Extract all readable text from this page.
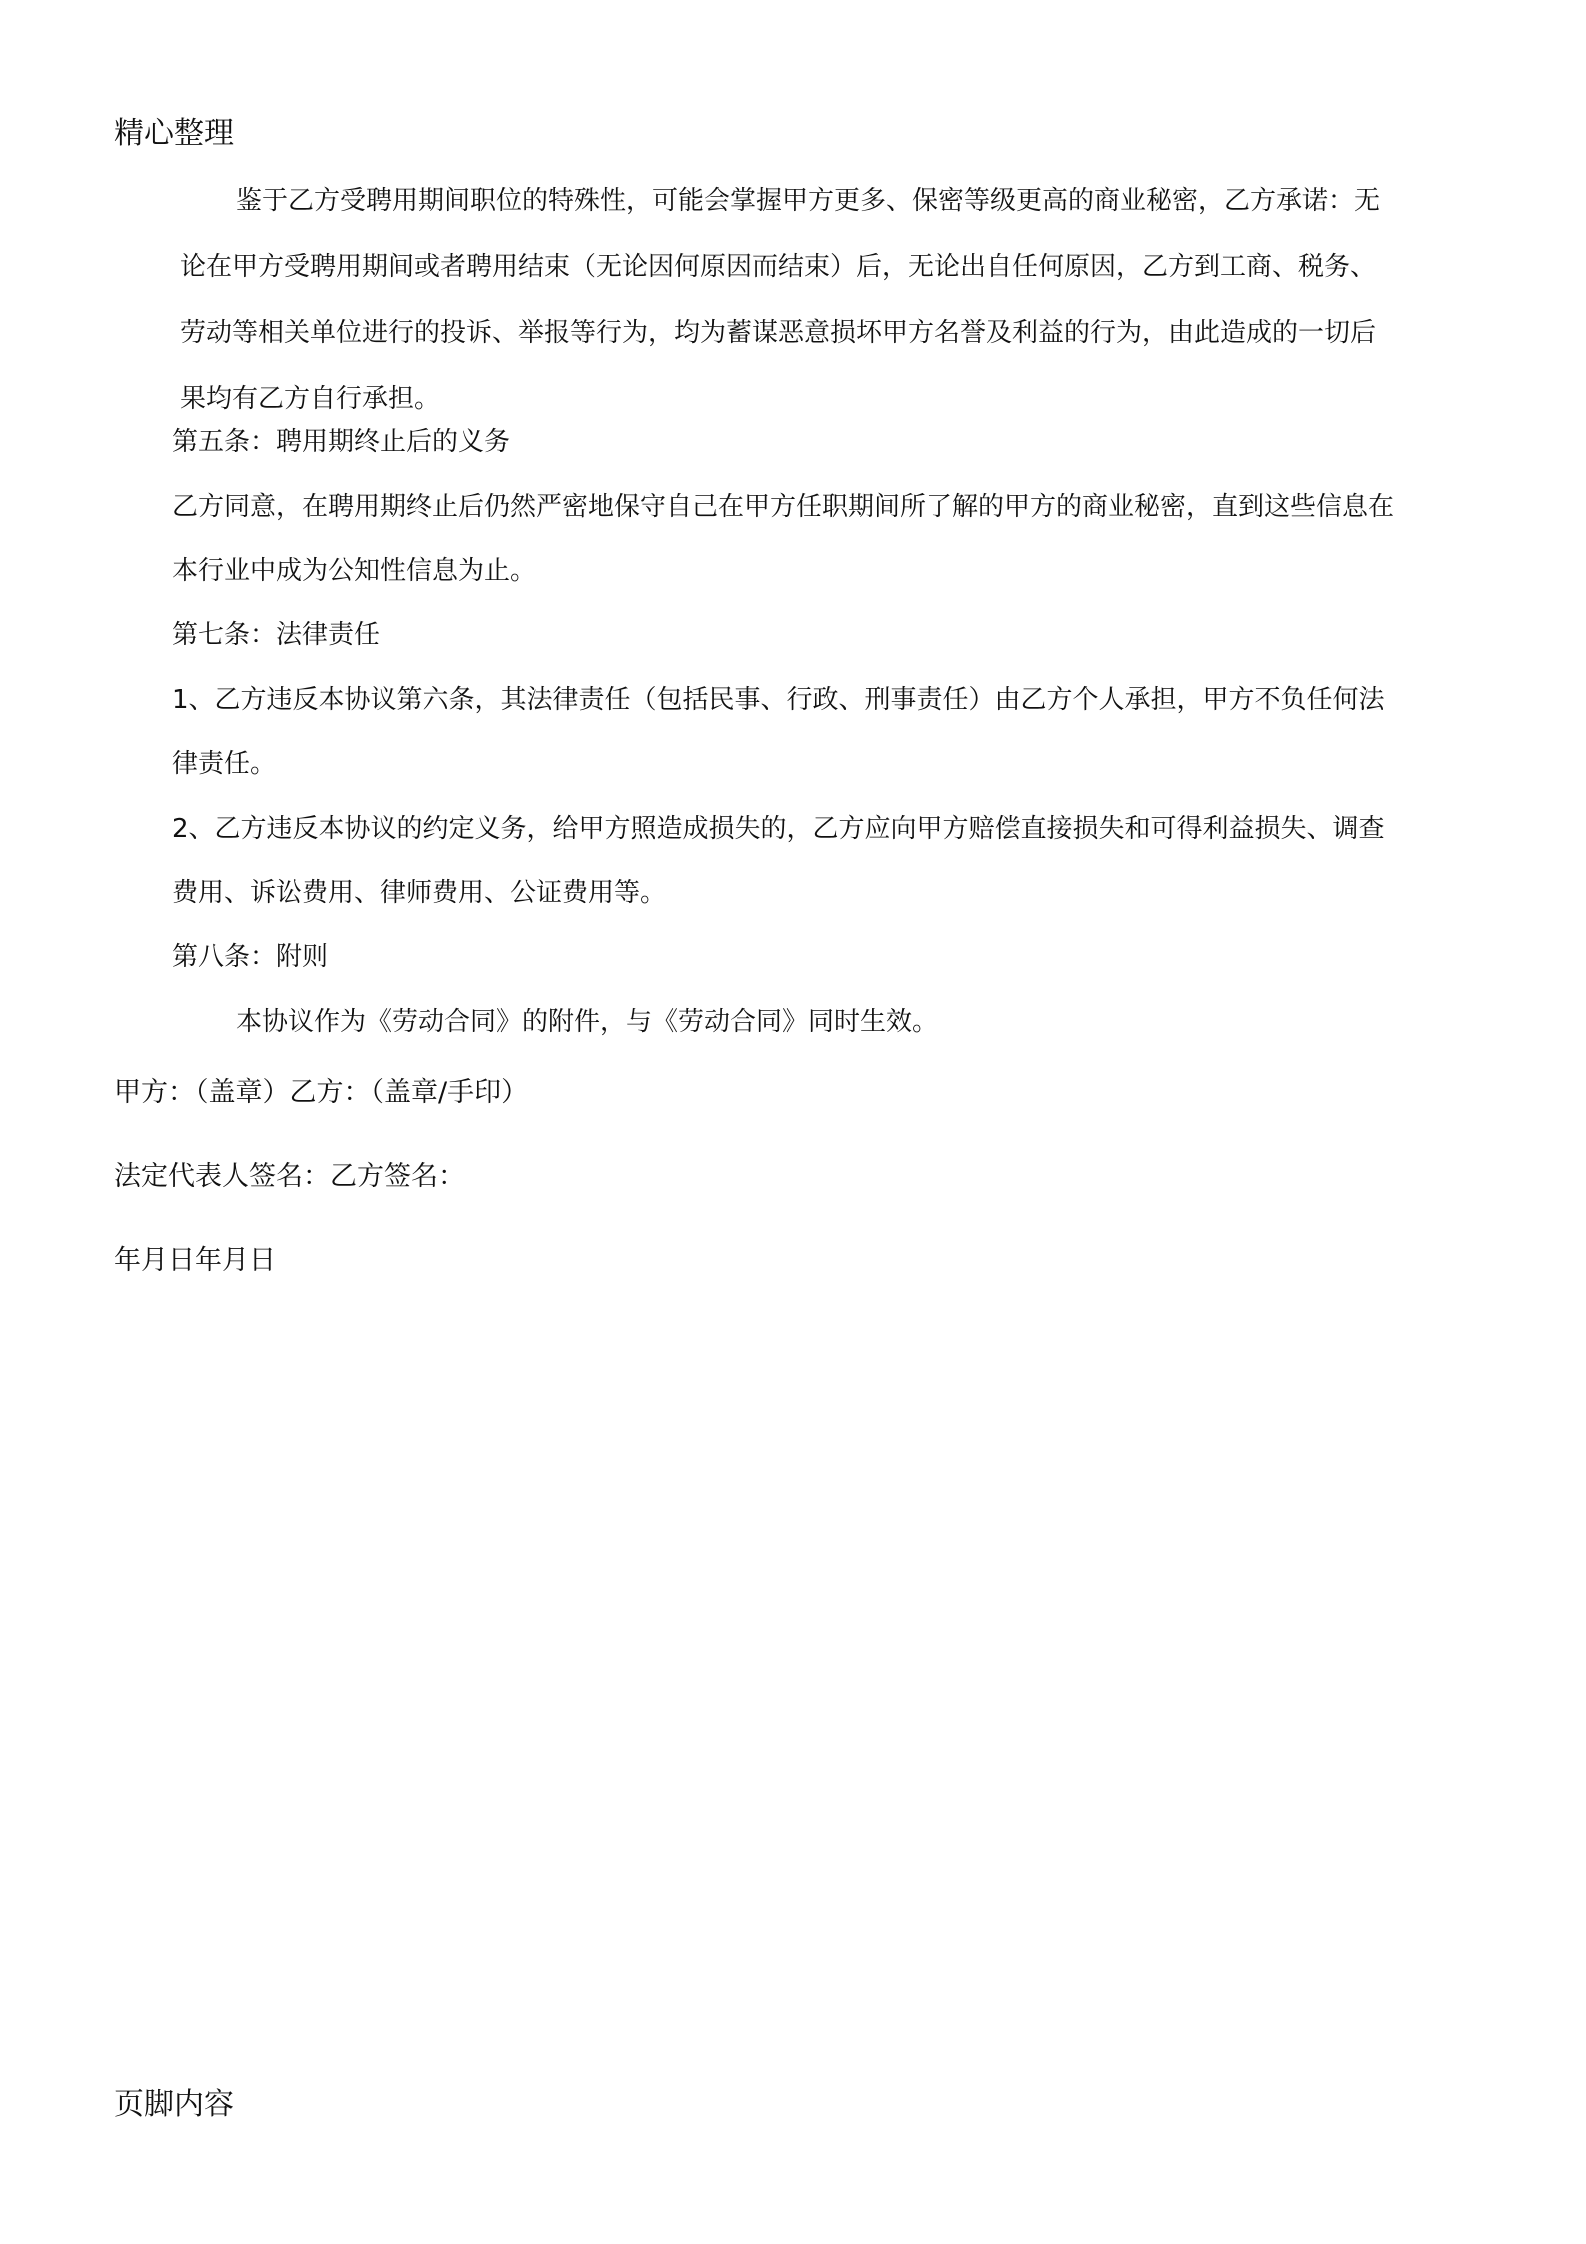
精心整理
鉴于乙方受聘用期间职位的特殊性，可能会掌握甲方更多、保密等级更高的商业秘密，乙方承诺：无
论在甲方受聘用期间或者聘用结束（无论因何原因而结束）后，无论出自任何原因，乙方到工商、税务、
劳动等相关单位进行的投诉、举报等行为，均为蓄谋恶意损坏甲方名誉及利益的行为，由此造成的一切后
果均有乙方自行承担。
第五条：聘用期终止后的义务
乙方同意，在聘用期终止后仍然严密地保守自己在甲方任职期间所了解的甲方的商业秘密，直到这些信息在
本行业中成为公知性信息为止。
第七条：法律责任
1、乙方违反本协议第六条，其法律责任（包括民事、行政、刑事责任）由乙方个人承担，甲方不负任何法
律责任。
2、乙方违反本协议的约定义务，给甲方照造成损失的，乙方应向甲方赔偿直接损失和可得利益损失、调查
费用、诉讼费用、律师费用、公证费用等。
第八条：附则
本协议作为《劳动合同》的附件，与《劳动合同》同时生效。
甲方：（盖章）乙方：（盖章/手印）
法定代表人签名：乙方签名：
年月日年月日
页脚内容
